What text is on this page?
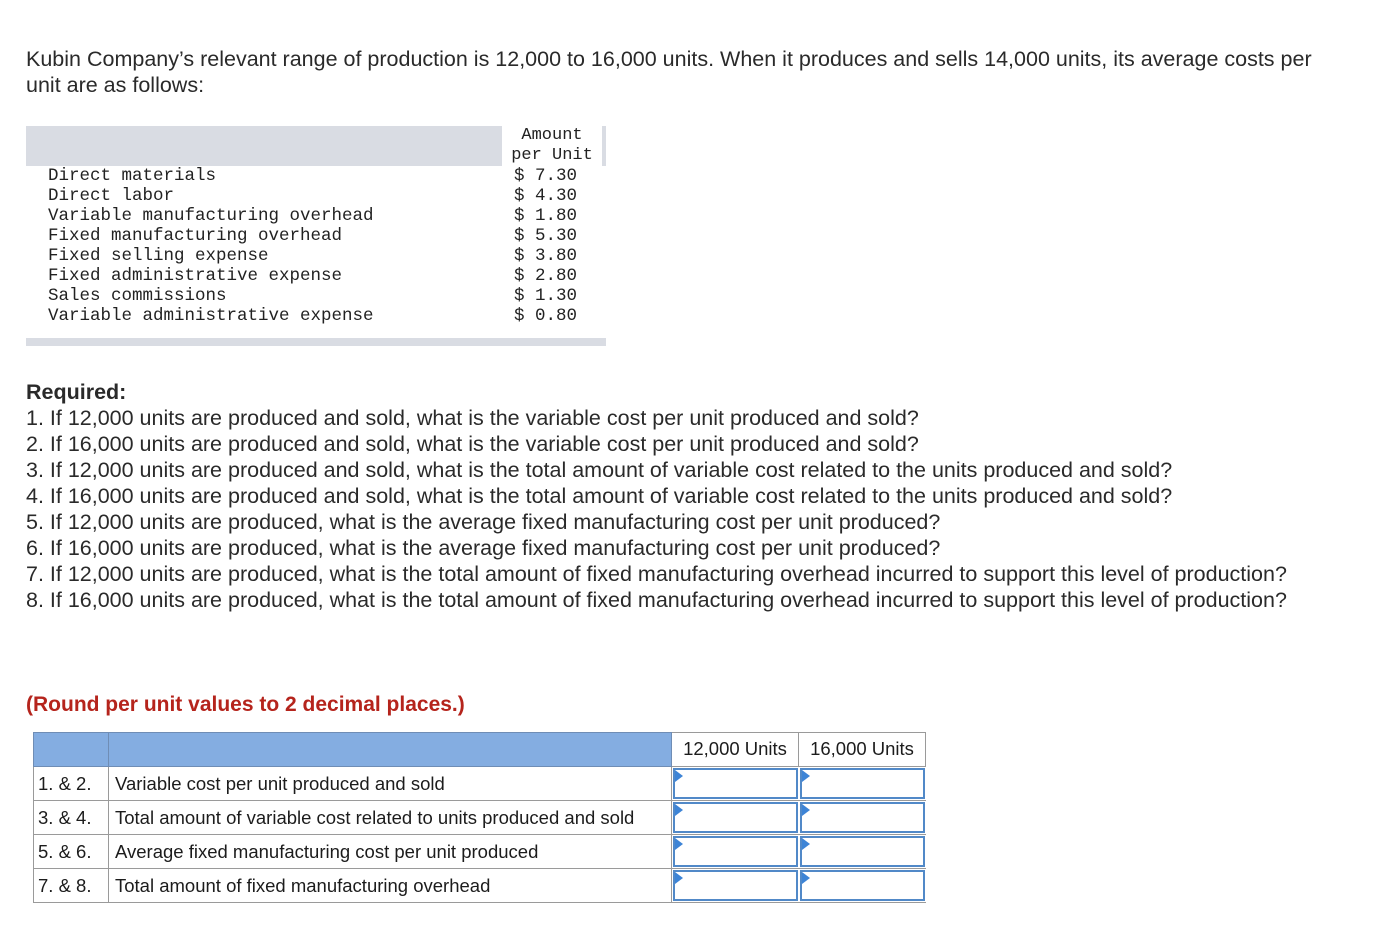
Kubin Company’s relevant range of production is 12,000 to 16,000 units. When it produces and sells 14,000 units, its average costs per unit are as follows:

Amount
per Unit
Direct materials	$ 7.30
Direct labor	$ 4.30
Variable manufacturing overhead	$ 1.80
Fixed manufacturing overhead	$ 5.30
Fixed selling expense	$ 3.80
Fixed administrative expense	$ 2.80
Sales commissions	$ 1.30
Variable administrative expense	$ 0.80
Required:

1. If 12,000 units are produced and sold, what is the variable cost per unit produced and sold?

2. If 16,000 units are produced and sold, what is the variable cost per unit produced and sold?

3. If 12,000 units are produced and sold, what is the total amount of variable cost related to the units produced and sold?

4. If 16,000 units are produced and sold, what is the total amount of variable cost related to the units produced and sold?

5. If 12,000 units are produced, what is the average fixed manufacturing cost per unit produced?

6. If 16,000 units are produced, what is the average fixed manufacturing cost per unit produced?

7. If 12,000 units are produced, what is the total amount of fixed manufacturing overhead incurred to support this level of production?

8. If 16,000 units are produced, what is the total amount of fixed manufacturing overhead incurred to support this level of production?

(Round per unit values to 2 decimal places.)
		12,000 Units	16,000 Units
1. & 2.	Variable cost per unit produced and sold	

3. & 4.	Total amount of variable cost related to units produced and sold	

5. & 6.	Average fixed manufacturing cost per unit produced	

7. & 8.	Total amount of fixed manufacturing overhead	
